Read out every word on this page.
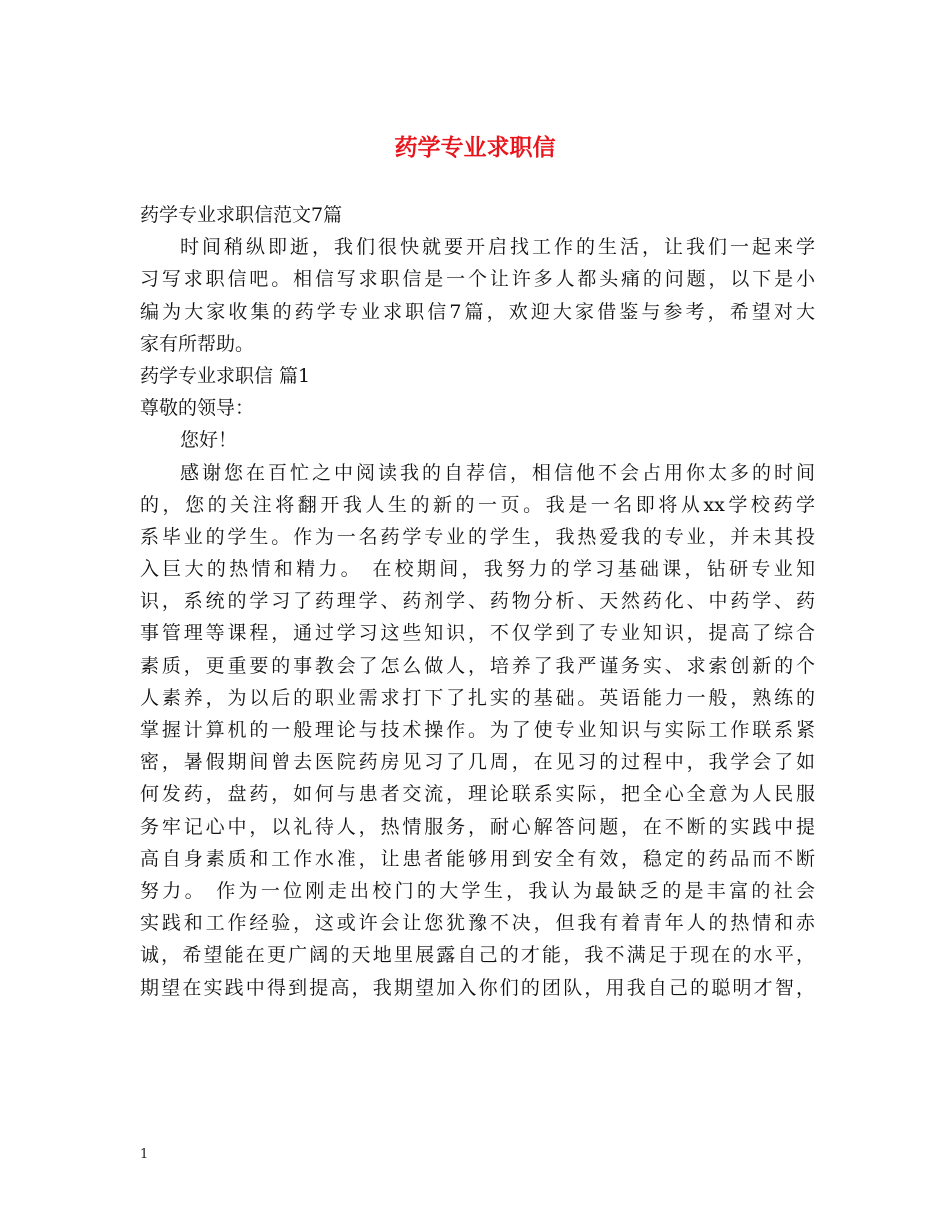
药学专业求职信
药学专业求职信范文7篇
时间稍纵即逝，我们很快就要开启找工作的生活，让我们一起来学
习写求职信吧。相信写求职信是一个让许多人都头痛的问题，以下是小
编为大家收集的药学专业求职信7篇，欢迎大家借鉴与参考，希望对大
家有所帮助。
药学专业求职信 篇1
尊敬的领导：
您好！
感谢您在百忙之中阅读我的自荐信，相信他不会占用你太多的时间
的，您的关注将翻开我人生的新的一页。我是一名即将从xx学校药学
系毕业的学生。作为一名药学专业的学生，我热爱我的专业，并未其投
入巨大的热情和精力。 在校期间，我努力的学习基础课，钻研专业知
识，系统的学习了药理学、药剂学、药物分析、天然药化、中药学、药
事管理等课程，通过学习这些知识，不仅学到了专业知识，提高了综合
素质，更重要的事教会了怎么做人，培养了我严谨务实、求索创新的个
人素养，为以后的职业需求打下了扎实的基础。英语能力一般，熟练的
掌握计算机的一般理论与技术操作。为了使专业知识与实际工作联系紧
密，暑假期间曾去医院药房见习了几周，在见习的过程中，我学会了如
何发药，盘药，如何与患者交流，理论联系实际，把全心全意为人民服
务牢记心中，以礼待人，热情服务，耐心解答问题，在不断的实践中提
高自身素质和工作水准，让患者能够用到安全有效，稳定的药品而不断
努力。 作为一位刚走出校门的大学生，我认为最缺乏的是丰富的社会
实践和工作经验，这或许会让您犹豫不决，但我有着青年人的热情和赤
诚，希望能在更广阔的天地里展露自己的才能，我不满足于现在的水平，
期望在实践中得到提高，我期望加入你们的团队，用我自己的聪明才智，
1
